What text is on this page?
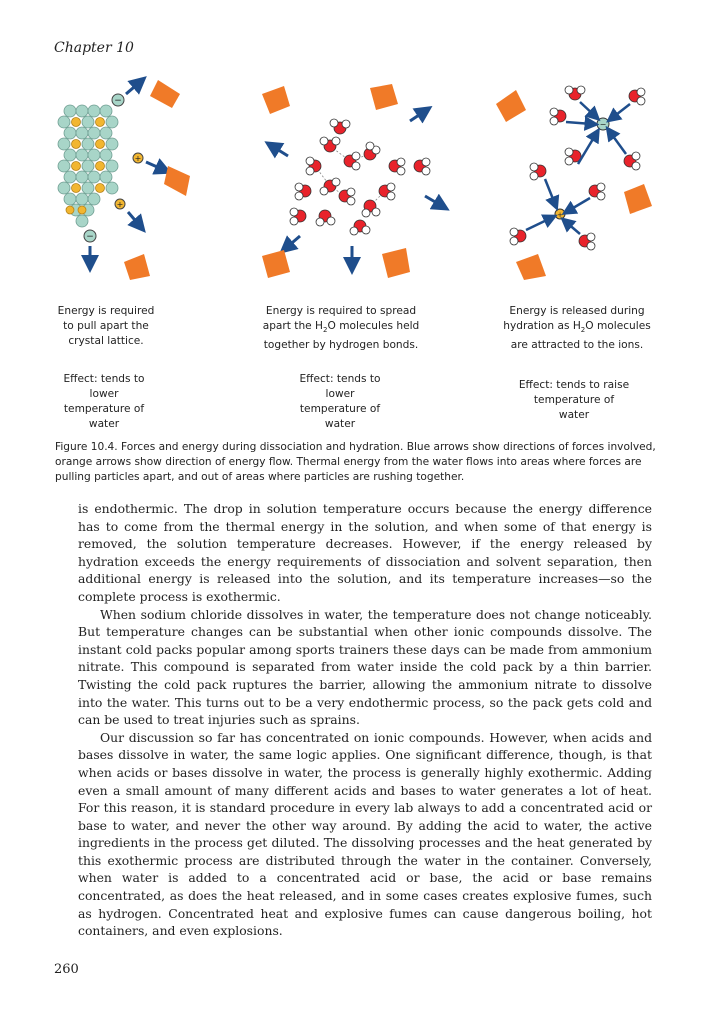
Chapter 10
−
+
+
−
−
+
Energy is required to pull apart the crystal lattice.
Effect: tends to lower temperature of water
Energy is required to spread apart the $H_2O$ molecules held together by hydrogen bonds.
Effect: tends to lower temperature of water
Energy is released during hydration as $H_2O$ molecules are attracted to the ions.
Effect: tends to raise temperature of water
Figure 10.4. Forces and energy during dissociation and hydration. Blue arrows show directions of forces involved, orange arrows show direction of energy flow. Thermal energy from the water flows into areas where forces are pulling particles apart, and out of areas where particles are rushing together.

is endothermic. The drop in solution temperature occurs because the energy difference has to come from the thermal energy in the solution, and when some of that energy is removed, the solution temperature decreases. However, if the energy released by hydration exceeds the energy requirements of dissociation and solvent separation, then additional energy is released into the solution, and its temperature increases—so the complete process is exothermic.

When sodium chloride dissolves in water, the temperature does not change noticeably. But temperature changes can be substantial when other ionic compounds dissolve. The instant cold packs popular among sports trainers these days can be made from ammonium nitrate. This compound is separated from water inside the cold pack by a thin barrier. Twisting the cold pack ruptures the barrier, allowing the ammonium nitrate to dissolve into the water. This turns out to be a very endothermic process, so the pack gets cold and can be used to treat injuries such as sprains.

Our discussion so far has concentrated on ionic compounds. However, when acids and bases dissolve in water, the same logic applies. One significant difference, though, is that when acids or bases dissolve in water, the process is generally highly exothermic. Adding even a small amount of many different acids and bases to water generates a lot of heat. For this reason, it is standard procedure in every lab always to add a concentrated acid or base to water, and never the other way around. By adding the acid to water, the active ingredients in the process get diluted. The dissolving processes and the heat generated by this exothermic process are distributed through the water in the container. Conversely, when water is added to a concentrated acid or base, the acid or base remains concentrated, as does the heat released, and in some cases creates explosive fumes, such as hydrogen. Concentrated heat and explosive fumes can cause dangerous boiling, hot containers, and even explosions.

260
